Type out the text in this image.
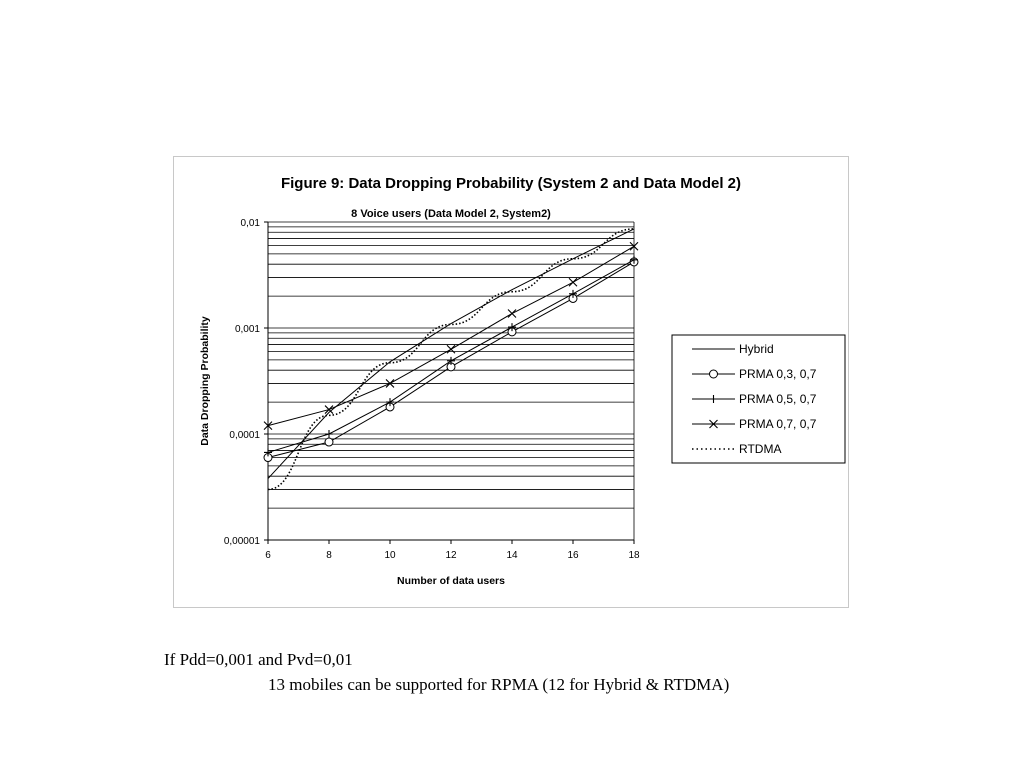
Figure 9: Data Dropping Probability (System 2 and Data Model 2)
8 Voice users (Data Model 2, System2)
Number of data users
Data Dropping Probability
6	8	10	12	14	16	18
0,01
0,001
0,0001
0,00001
Hybrid
PRMA 0,3, 0,7
PRMA 0,5, 0,7
PRMA 0,7, 0,7
RTDMA
If Pdd=0,001 and Pvd=0,01
13 mobiles can be supported for RPMA (12 for Hybrid & RTDMA)
